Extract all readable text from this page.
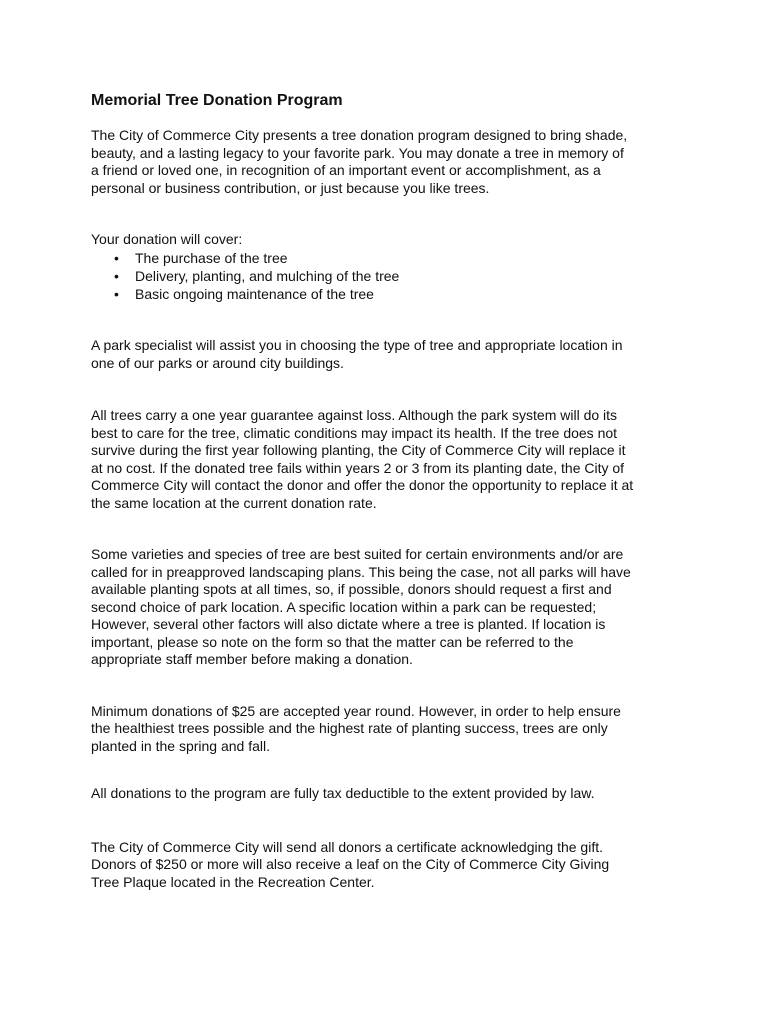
Memorial Tree Donation Program

The City of Commerce City presents a tree donation program designed to bring shade,
beauty, and a lasting legacy to your favorite park. You may donate a tree in memory of
a friend or loved one, in recognition of an important event or accomplishment, as a
personal or business contribution, or just because you like trees.

Your donation will cover:

• The purchase of the tree
• Delivery, planting, and mulching of the tree
• Basic ongoing maintenance of the tree

A park specialist will assist you in choosing the type of tree and appropriate location in
one of our parks or around city buildings.

All trees carry a one year guarantee against loss. Although the park system will do its
best to care for the tree, climatic conditions may impact its health. If the tree does not
survive during the first year following planting, the City of Commerce City will replace it
at no cost. If the donated tree fails within years 2 or 3 from its planting date, the City of
Commerce City will contact the donor and offer the donor the opportunity to replace it at
the same location at the current donation rate.

Some varieties and species of tree are best suited for certain environments and/or are
called for in preapproved landscaping plans. This being the case, not all parks will have
available planting spots at all times, so, if possible, donors should request a first and
second choice of park location. A specific location within a park can be requested;
However, several other factors will also dictate where a tree is planted. If location is
important, please so note on the form so that the matter can be referred to the
appropriate staff member before making a donation.

Minimum donations of $25 are accepted year round. However, in order to help ensure
the healthiest trees possible and the highest rate of planting success, trees are only
planted in the spring and fall.

All donations to the program are fully tax deductible to the extent provided by law.

The City of Commerce City will send all donors a certificate acknowledging the gift.
Donors of $250 or more will also receive a leaf on the City of Commerce City Giving
Tree Plaque located in the Recreation Center.
